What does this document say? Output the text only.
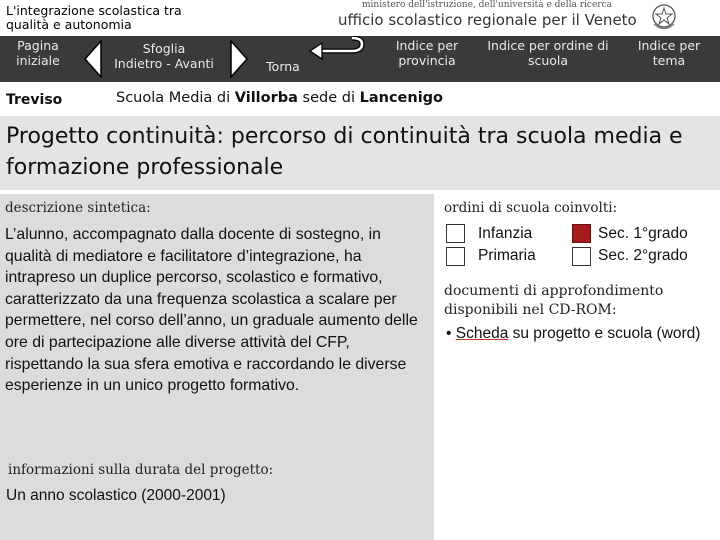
L'integrazione scolastica tra qualità e autonomia
ministero dell'istruzione, dell'università e della ricerca
ufficio scolastico regionale per il Veneto
Pagina iniziale
Sfoglia
Indietro - Avanti	Torna
Indice per provincia
Indice per ordine di scuola
Indice per tema
Treviso	Scuola Media di Villorba sede di Lancenigo
Progetto continuità: percorso di continuità tra scuola media e formazione professionale
descrizione sintetica:
L’alunno, accompagnato dalla docente di sostegno, in qualità di mediatore e facilitatore d’integrazione, ha intrapreso un duplice percorso, scolastico e formativo, caratterizzato da una frequenza scolastica a scalare per permettere, nel corso dell’anno, un graduale aumento delle ore di partecipazione alle diverse attività del CFP, rispettando la sua sfera emotiva e raccordando le diverse esperienze in un unico progetto formativo.
informazioni sulla durata del progetto:
Un anno scolastico (2000-2001)
ordini di scuola coinvolti:
Infanzia	Sec. 1°grado
Primaria	Sec. 2°grado
documenti di approfondimento disponibili nel CD-ROM:
• Scheda su progetto e scuola (word)
